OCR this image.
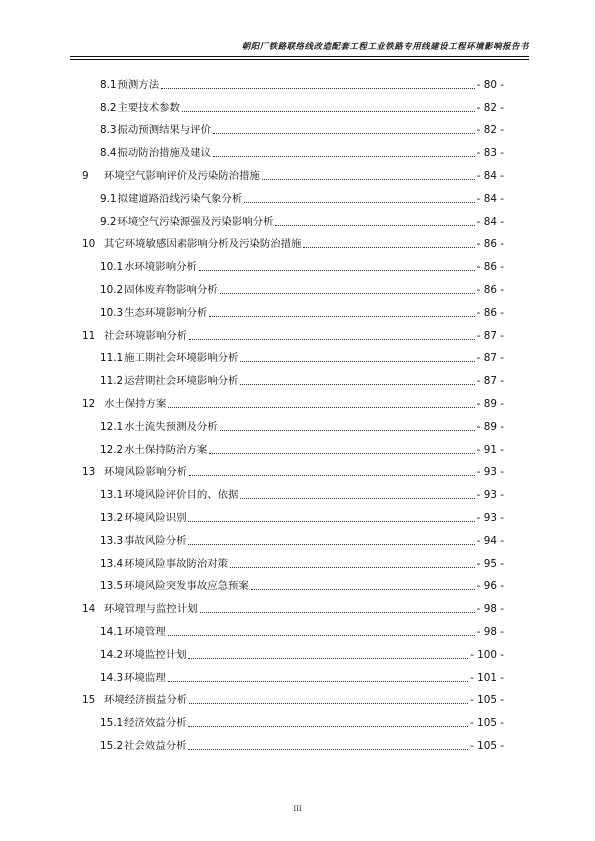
朝阳厂铁路联络线改造配套工程工业铁路专用线建设工程环境影响报告书
8.1 预测方法	- 80 -
8.2 主要技术参数	- 82 -
8.3 振动预测结果与评价	- 82 -
8.4 振动防治措施及建议	- 83 -
9	环境空气影响评价及污染防治措施	- 84 -
9.1 拟建道路沿线污染气象分析	- 84 -
9.2 环境空气污染源强及污染影响分析	- 84 -
10 其它环境敏感因素影响分析及污染防治措施	- 86 -
10.1 水环境影响分析	- 86 -
10.2 固体废弃物影响分析	- 86 -
10.3 生态环境影响分析	- 86 -
11 社会环境影响分析	- 87 -
11.1 施工期社会环境影响分析	- 87 -
11.2 运营期社会环境影响分析	- 87 -
12 水土保持方案	- 89 -
12.1 水土流失预测及分析	- 89 -
12.2 水土保持防治方案	- 91 -
13 环境风险影响分析	- 93 -
13.1 环境风险评价目的、依据	- 93 -
13.2 环境风险识别	- 93 -
13.3 事故风险分析	- 94 -
13.4 环境风险事故防治对策	- 95 -
13.5 环境风险突发事故应急预案	- 96 -
14 环境管理与监控计划	- 98 -
14.1 环境管理	- 98 -
14.2 环境监控计划	- 100 -
14.3 环境监理	- 101 -
15 环境经济损益分析	- 105 -
15.1 经济效益分析	- 105 -
15.2 社会效益分析	- 105 -
III
